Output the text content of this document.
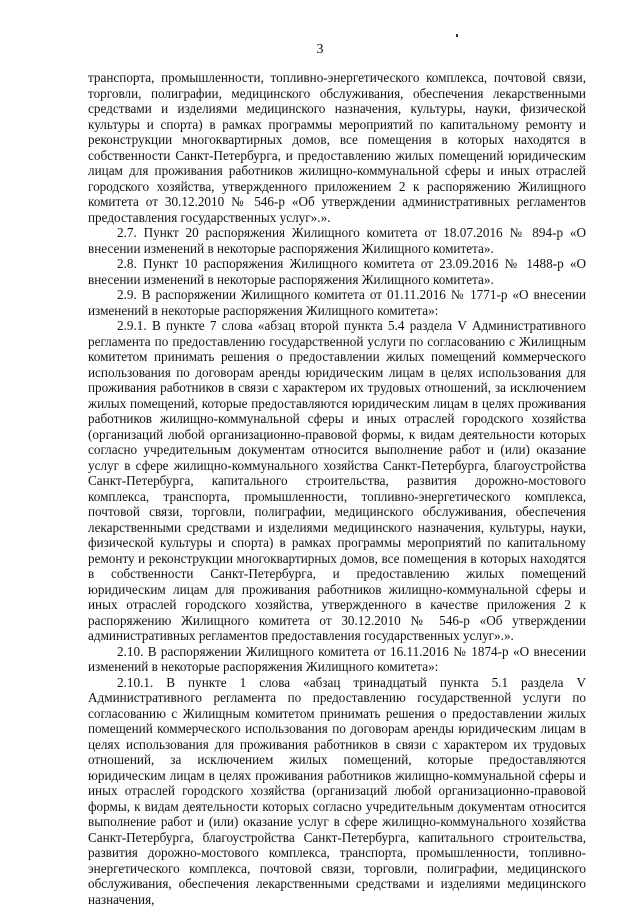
3

транспорта, промышленности, топливно-энергетического комплекса, почтовой связи, торговли, полиграфии, медицинского обслуживания, обеспечения лекарственными средствами и изделиями медицинского назначения, культуры, науки, физической культуры и спорта) в рамках программы мероприятий по капитальному ремонту и реконструкции многоквартирных домов, все помещения в которых находятся в собственности Санкт-Петербурга, и предоставлению жилых помещений юридическим лицам для проживания работников жилищно-коммунальной сферы и иных отраслей городского хозяйства, утвержденного приложением 2 к распоряжению Жилищного комитета от 30.12.2010 № 546-р «Об утверждении административных регламентов предоставления государственных услуг».».

2.7. Пункт 20 распоряжения Жилищного комитета от 18.07.2016 № 894-р «О внесении изменений в некоторые распоряжения Жилищного комитета».

2.8. Пункт 10 распоряжения Жилищного комитета от 23.09.2016 № 1488-р «О внесении изменений в некоторые распоряжения Жилищного комитета».

2.9. В распоряжении Жилищного комитета от 01.11.2016 № 1771-р «О внесении изменений в некоторые распоряжения Жилищного комитета»:

2.9.1. В пункте 7 слова «абзац второй пункта 5.4 раздела V Административного регламента по предоставлению государственной услуги по согласованию с Жилищным комитетом принимать решения о предоставлении жилых помещений коммерческого использования по договорам аренды юридическим лицам в целях использования для проживания работников в связи с характером их трудовых отношений, за исключением жилых помещений, которые предоставляются юридическим лицам в целях проживания работников жилищно-коммунальной сферы и иных отраслей городского хозяйства (организаций любой организационно-правовой формы, к видам деятельности которых согласно учредительным документам относится выполнение работ и (или) оказание услуг в сфере жилищно-коммунального хозяйства Санкт-Петербурга, благоустройства Санкт-Петербурга, капитального строительства, развития дорожно-мостового комплекса, транспорта, промышленности, топливно-энергетического комплекса, почтовой связи, торговли, полиграфии, медицинского обслуживания, обеспечения лекарственными средствами и изделиями медицинского назначения, культуры, науки, физической культуры и спорта) в рамках программы мероприятий по капитальному ремонту и реконструкции многоквартирных домов, все помещения в которых находятся в собственности Санкт-Петербурга, и предоставлению жилых помещений юридическим лицам для проживания работников жилищно-коммунальной сферы и иных отраслей городского хозяйства, утвержденного в качестве приложения 2 к распоряжению Жилищного комитета от 30.12.2010 № 546-р «Об утверждении административных регламентов предоставления государственных услуг».».

2.10. В распоряжении Жилищного комитета от 16.11.2016 № 1874-р «О внесении изменений в некоторые распоряжения Жилищного комитета»:

2.10.1. В пункте 1 слова «абзац тринадцатый пункта 5.1 раздела V Административного регламента по предоставлению государственной услуги по согласованию с Жилищным комитетом принимать решения о предоставлении жилых помещений коммерческого использования по договорам аренды юридическим лицам в целях использования для проживания работников в связи с характером их трудовых отношений, за исключением жилых помещений, которые предоставляются юридическим лицам в целях проживания работников жилищно-коммунальной сферы и иных отраслей городского хозяйства (организаций любой организационно-правовой формы, к видам деятельности которых согласно учредительным документам относится выполнение работ и (или) оказание услуг в сфере жилищно-коммунального хозяйства Санкт-Петербурга, благоустройства Санкт-Петербурга, капитального строительства, развития дорожно-мостового комплекса, транспорта, промышленности, топливно-энергетического комплекса, почтовой связи, торговли, полиграфии, медицинского обслуживания, обеспечения лекарственными средствами и изделиями медицинского назначения,
